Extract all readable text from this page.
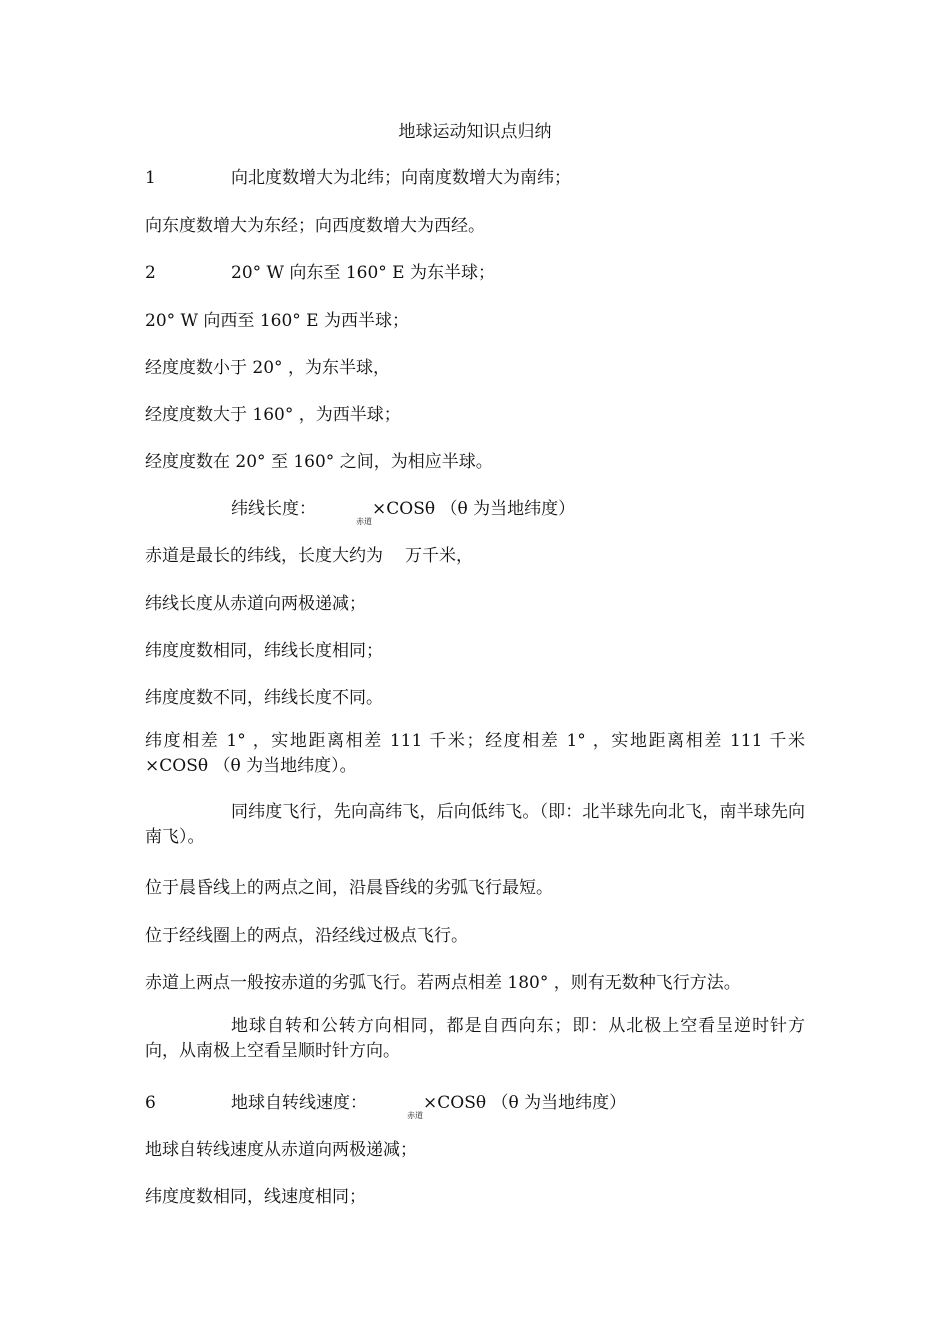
地球运动知识点归纳
1	向北度数增大为北纬；向南度数增大为南纬；
向东度数增大为东经；向西度数增大为西经。
2	20° W 向东至 160° E 为东半球；
20° W 向西至 160° E 为西半球；
经度度数小于 20° ，为东半球，
经度度数大于 160° ，为西半球；
经度度数在 20° 至 160° 之间，为相应半球。
纬线长度：$_{赤道}$×COSθ （θ 为当地纬度）
赤道是最长的纬线，长度大约为 万千米，
纬线长度从赤道向两极递减；
纬度度数相同，纬线长度相同；
纬度度数不同，纬线长度不同。
纬度相差 1° ，实地距离相差 111 千米；经度相差 1° ，实地距离相差 111 千米×COSθ （θ 为当地纬度）。
同纬度飞行，先向高纬飞，后向低纬飞。（即：北半球先向北飞，南半球先向南飞）。
位于晨昏线上的两点之间，沿晨昏线的劣弧飞行最短。
位于经线圈上的两点，沿经线过极点飞行。
赤道上两点一般按赤道的劣弧飞行。若两点相差 180° ，则有无数种飞行方法。
地球自转和公转方向相同，都是自西向东；即：从北极上空看呈逆时针方向，从南极上空看呈顺时针方向。
6	地球自转线速度：$_{赤道}$×COSθ （θ 为当地纬度）
地球自转线速度从赤道向两极递减；
纬度度数相同，线速度相同；
